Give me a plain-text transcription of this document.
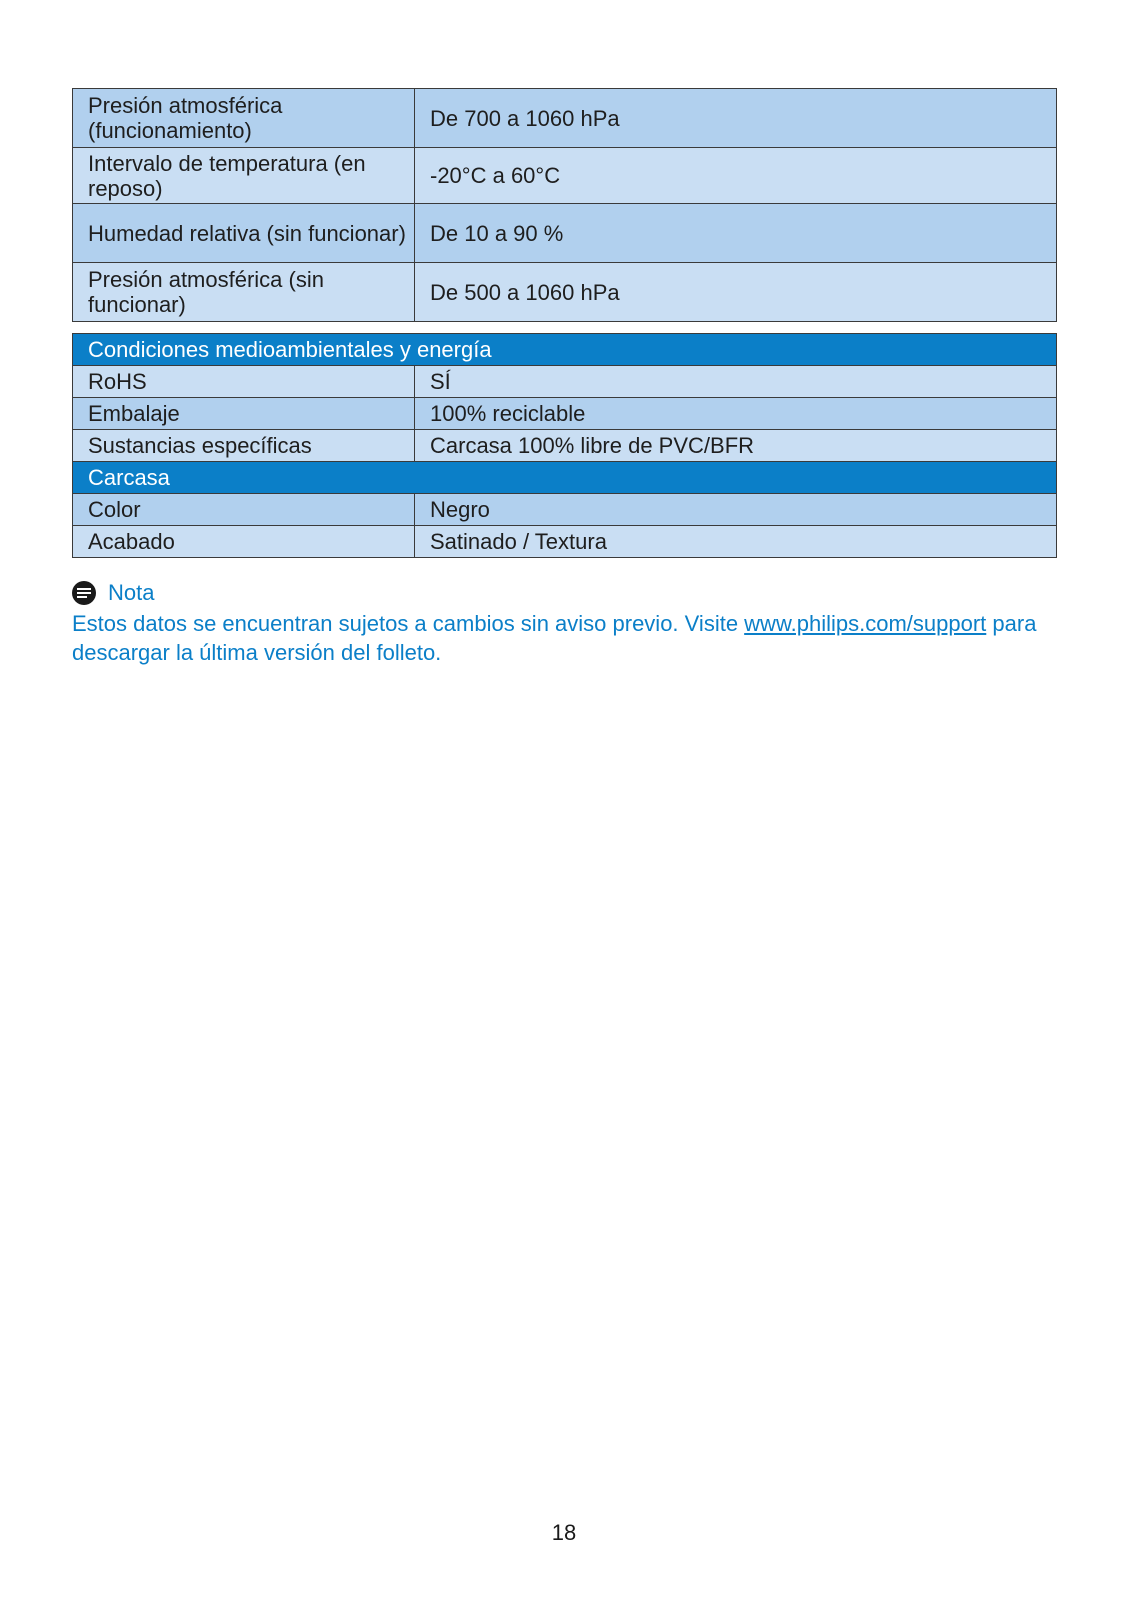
Presión atmosférica (funcionamiento)	De 700 a 1060 hPa
Intervalo de temperatura (en reposo)	-20°C a 60°C
Humedad relativa (sin funcionar)	De 10 a 90 %
Presión atmosférica (sin funcionar)	De 500 a 1060 hPa
Condiciones medioambientales y energía	
RoHS	SÍ
Embalaje	100% reciclable
Sustancias específicas	Carcasa 100% libre de PVC/BFR
Carcasa	
Color	Negro
Acabado	Satinado / Textura
Nota
Estos datos se encuentran sujetos a cambios sin aviso previo. Visite www.philips.com/support para descargar la última versión del folleto.
18
